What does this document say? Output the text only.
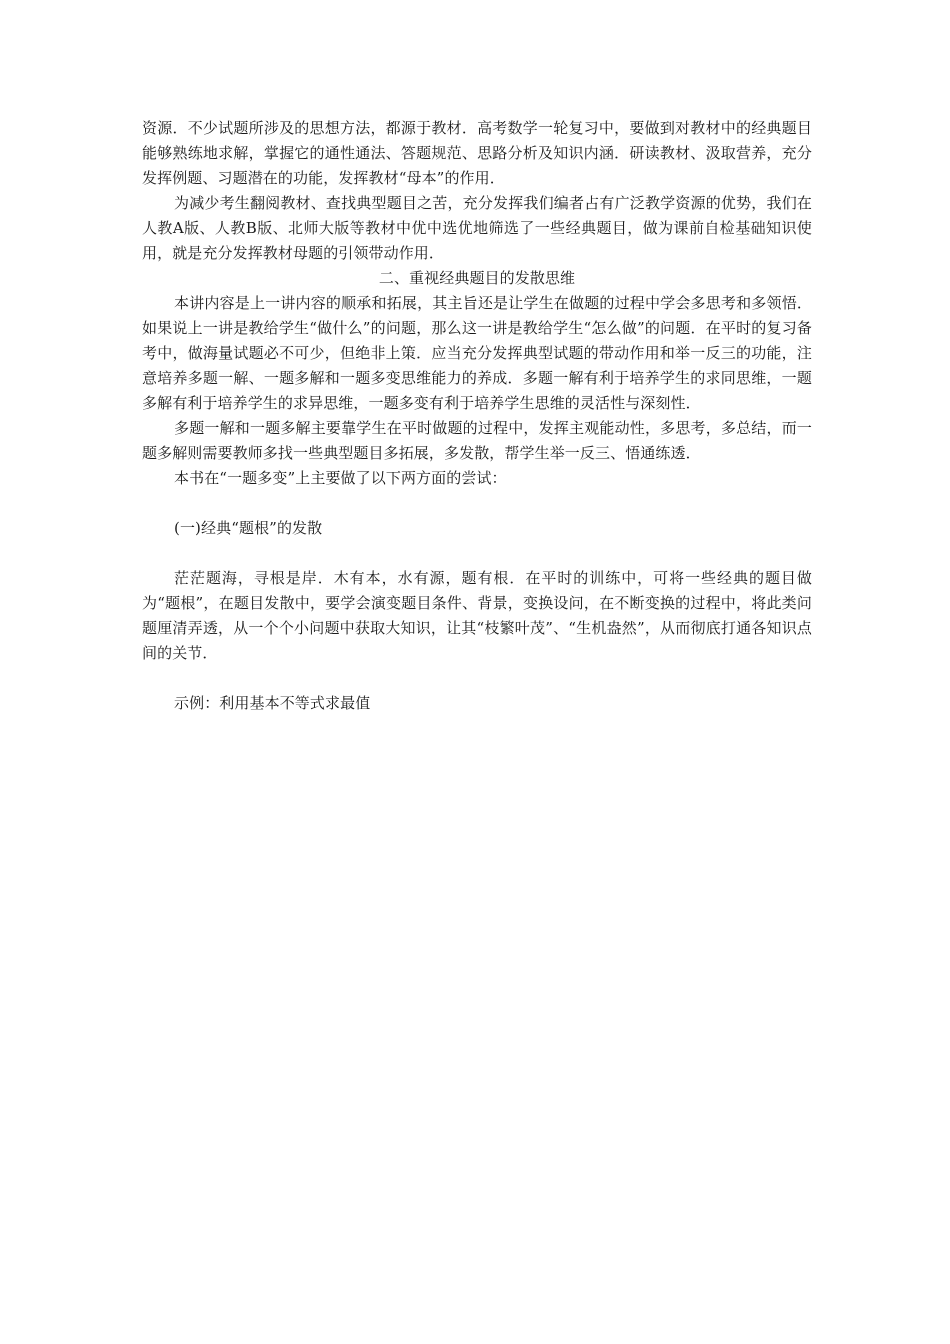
资源．不少试题所涉及的思想方法，都源于教材．高考数学一轮复习中，要做到对教材中的经典题目能够熟练地求解，掌握它的通性通法、答题规范、思路分析及知识内涵．研读教材、汲取营养，充分发挥例题、习题潜在的功能，发挥教材“母本”的作用．

为减少考生翻阅教材、查找典型题目之苦，充分发挥我们编者占有广泛教学资源的优势，我们在人教A版、人教B版、北师大版等教材中优中选优地筛选了一些经典题目，做为课前自检基础知识使用，就是充分发挥教材母题的引领带动作用．

二、重视经典题目的发散思维

本讲内容是上一讲内容的顺承和拓展，其主旨还是让学生在做题的过程中学会多思考和多领悟．如果说上一讲是教给学生“做什么”的问题，那么这一讲是教给学生“怎么做”的问题．在平时的复习备考中，做海量试题必不可少，但绝非上策．应当充分发挥典型试题的带动作用和举一反三的功能，注意培养多题一解、一题多解和一题多变思维能力的养成．多题一解有利于培养学生的求同思维，一题多解有利于培养学生的求异思维，一题多变有利于培养学生思维的灵活性与深刻性．

多题一解和一题多解主要靠学生在平时做题的过程中，发挥主观能动性，多思考，多总结，而一题多解则需要教师多找一些典型题目多拓展，多发散，帮学生举一反三、悟通练透．

本书在“一题多变”上主要做了以下两方面的尝试：

(一)经典“题根”的发散

茫茫题海，寻根是岸．木有本，水有源，题有根．在平时的训练中，可将一些经典的题目做为“题根”，在题目发散中，要学会演变题目条件、背景，变换设问，在不断变换的过程中，将此类问题厘清弄透，从一个个小问题中获取大知识，让其“枝繁叶茂”、“生机盎然”，从而彻底打通各知识点间的关节．

示例：利用基本不等式求最值
